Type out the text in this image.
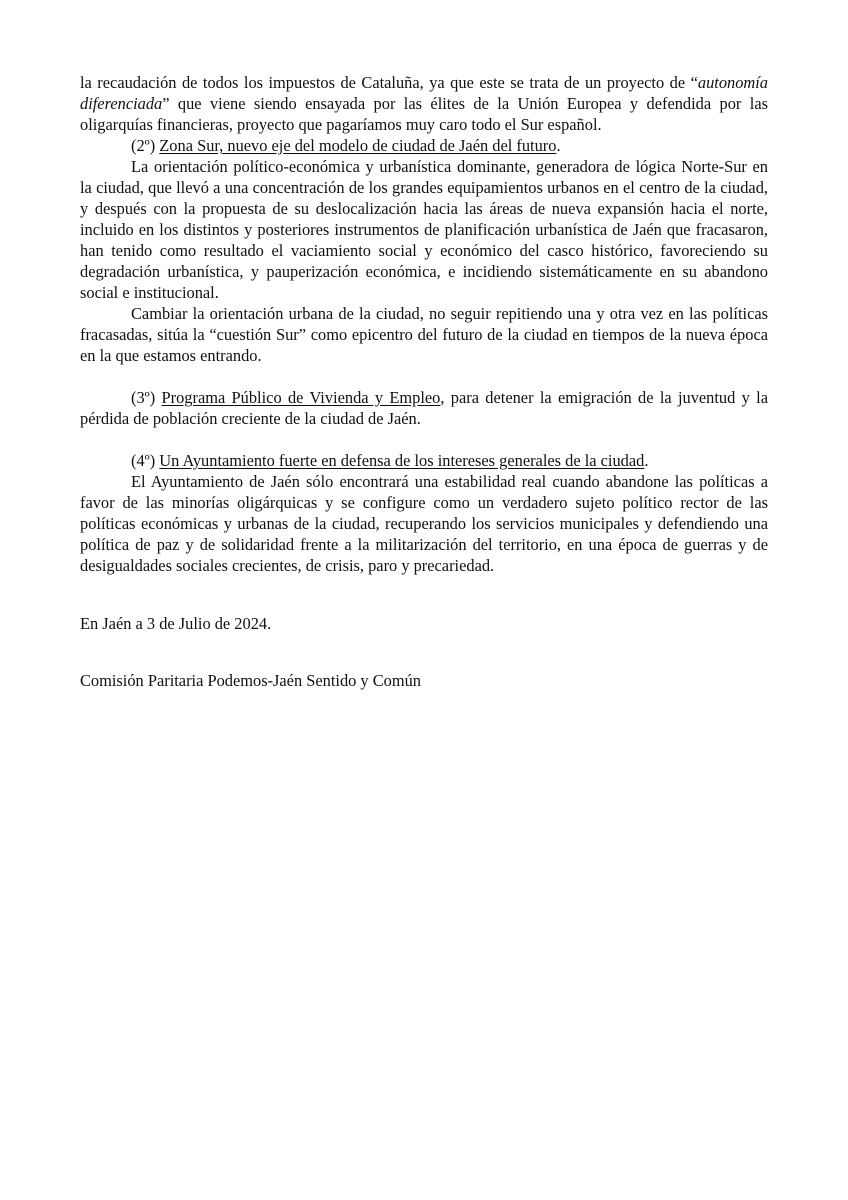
la recaudación de todos los impuestos de Cataluña, ya que este se trata de un proyecto de “autonomía diferenciada” que viene siendo ensayada por las élites de la Unión Europea y defendida por las oligarquías financieras, proyecto que pagaríamos muy caro todo el Sur español.

(2º) Zona Sur, nuevo eje del modelo de ciudad de Jaén del futuro.

La orientación político-económica y urbanística dominante, generadora de lógica Norte-Sur en la ciudad, que llevó a una concentración de los grandes equipamientos urbanos en el centro de la ciudad, y después con la propuesta de su deslocalización hacia las áreas de nueva expansión hacia el norte, incluido en los distintos y posteriores instrumentos de planificación urbanística de Jaén que fracasaron, han tenido como resultado el vaciamiento social y económico del casco histórico, favoreciendo su degradación urbanística, y pauperización económica, e incidiendo sistemáticamente en su abandono social e institucional.

Cambiar la orientación urbana de la ciudad, no seguir repitiendo una y otra vez en las políticas fracasadas, sitúa la “cuestión Sur” como epicentro del futuro de la ciudad en tiempos de la nueva época en la que estamos entrando.

(3º) Programa Público de Vivienda y Empleo, para detener la emigración de la juventud y la pérdida de población creciente de la ciudad de Jaén.

(4º) Un Ayuntamiento fuerte en defensa de los intereses generales de la ciudad.

El Ayuntamiento de Jaén sólo encontrará una estabilidad real cuando abandone las políticas a favor de las minorías oligárquicas y se configure como un verdadero sujeto político rector de las políticas económicas y urbanas de la ciudad, recuperando los servicios municipales y defendiendo una política de paz y de solidaridad frente a la militarización del territorio, en una época de guerras y de desigualdades sociales crecientes, de crisis, paro y precariedad.

En Jaén a 3 de Julio de 2024.

Comisión Paritaria Podemos-Jaén Sentido y Común
